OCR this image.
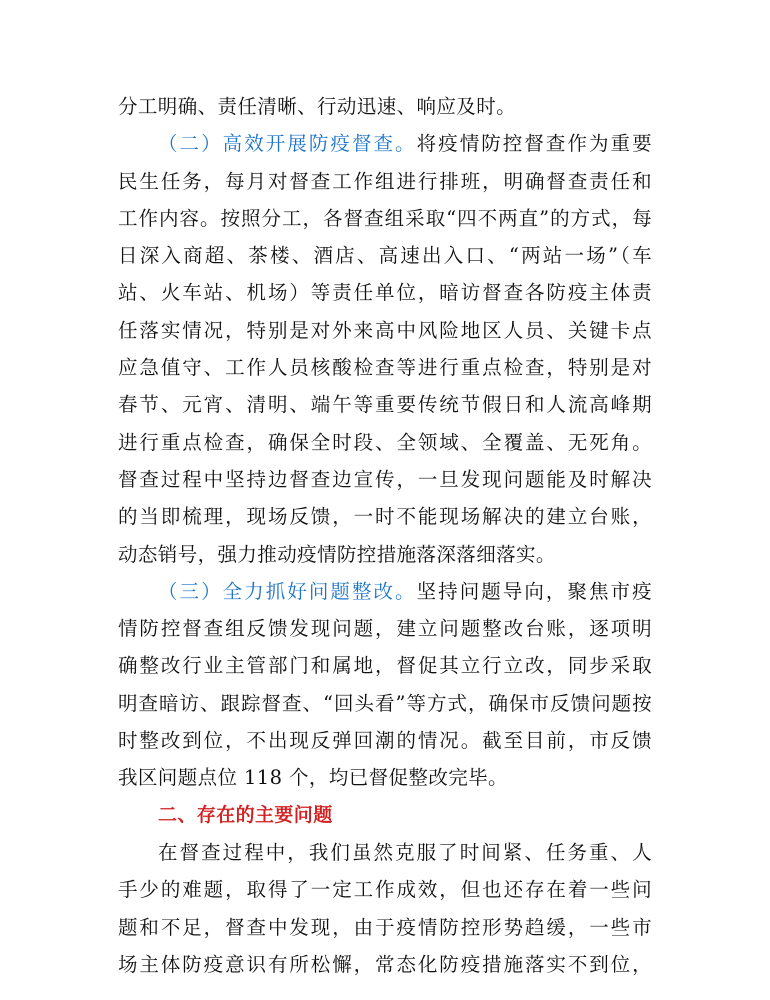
分工明确、责任清晰、行动迅速、响应及时。
（二）高效开展防疫督查。将疫情防控督查作为重要
民生任务，每月对督查工作组进行排班，明确督查责任和
工作内容。按照分工，各督查组采取“四不两直”的方式，每
日深入商超、茶楼、酒店、高速出入口、“两站一场”（车
站、火车站、机场）等责任单位，暗访督查各防疫主体责
任落实情况，特别是对外来高中风险地区人员、关键卡点
应急值守、工作人员核酸检查等进行重点检查，特别是对
春节、元宵、清明、端午等重要传统节假日和人流高峰期
进行重点检查，确保全时段、全领域、全覆盖、无死角。
督查过程中坚持边督查边宣传，一旦发现问题能及时解决
的当即梳理，现场反馈，一时不能现场解决的建立台账，
动态销号，强力推动疫情防控措施落深落细落实。
（三）全力抓好问题整改。坚持问题导向，聚焦市疫
情防控督查组反馈发现问题，建立问题整改台账，逐项明
确整改行业主管部门和属地，督促其立行立改，同步采取
明查暗访、跟踪督查、“回头看”等方式，确保市反馈问题按
时整改到位，不出现反弹回潮的情况。截至目前，市反馈
我区问题点位 118 个，均已督促整改完毕。
二、存在的主要问题
在督查过程中，我们虽然克服了时间紧、任务重、人
手少的难题，取得了一定工作成效，但也还存在着一些问
题和不足，督查中发现，由于疫情防控形势趋缓，一些市
场主体防疫意识有所松懈，常态化防疫措施落实不到位，
